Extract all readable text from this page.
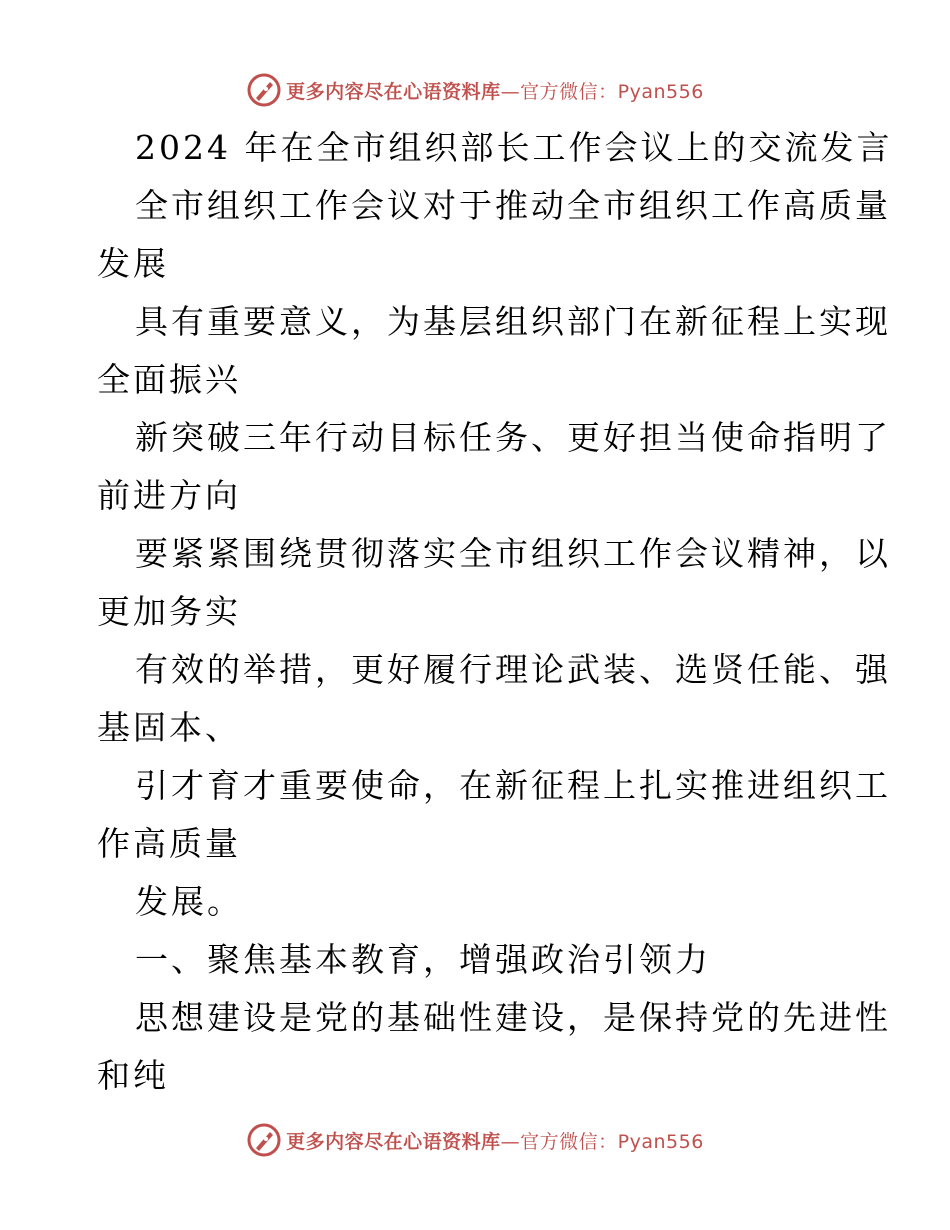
更多内容尽在心语资料库—官方微信：Pyan556
2024 年在全市组织部长工作会议上的交流发言
全市组织工作会议对于推动全市组织工作高质量
发展
具有重要意义，为基层组织部门在新征程上实现
全面振兴
新突破三年行动目标任务、更好担当使命指明了
前进方向
要紧紧围绕贯彻落实全市组织工作会议精神，以
更加务实
有效的举措，更好履行理论武装、选贤任能、强
基固本、
引才育才重要使命，在新征程上扎实推进组织工
作高质量
发展。
一、聚焦基本教育，增强政治引领力
思想建设是党的基础性建设，是保持党的先进性
和纯
更多内容尽在心语资料库—官方微信：Pyan556
